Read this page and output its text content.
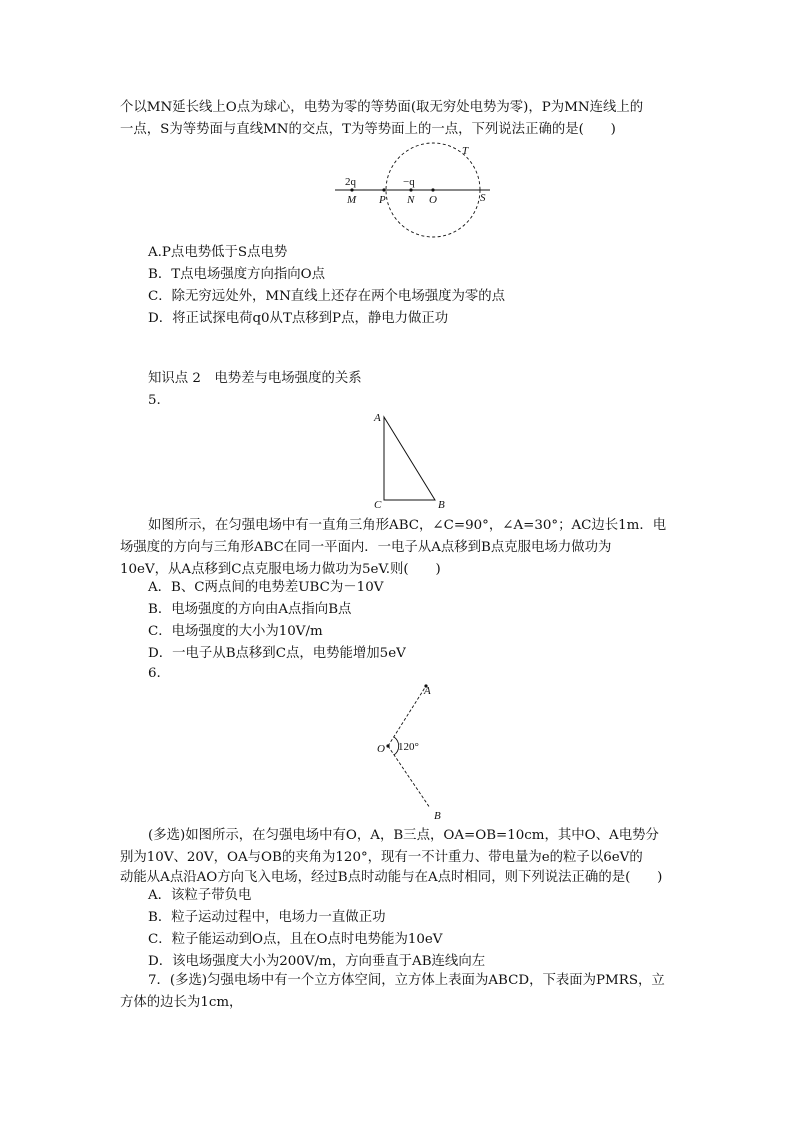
个以MN延长线上O点为球心，电势为零的等势面(取无穷处电势为零)，P为MN连线上的
一点，S为等势面与直线MN的交点，T为等势面上的一点，下列说法正确的是(　　)
2q	−q
M P N O	S
T
A.P点电势低于S点电势
B．T点电场强度方向指向O点
C．除无穷远处外，MN直线上还存在两个电场强度为零的点
D．将正试探电荷q0从T点移到P点，静电力做正功
知识点 2　电势差与电场强度的关系
5.
A
C	B
如图所示，在匀强电场中有一直角三角形ABC，∠C=90°，∠A=30°；AC边长1m．电
场强度的方向与三角形ABC在同一平面内．一电子从A点移到B点克服电场力做功为
10eV，从A点移到C点克服电场力做功为5eV.则(　　)
A．B、C两点间的电势差UBC为－10V
B．电场强度的方向由A点指向B点
C．电场强度的大小为10V/m
D．一电子从B点移到C点，电势能增加5eV
6.
A
O 120°
B
(多选)如图所示，在匀强电场中有O，A，B三点，OA=OB=10cm，其中O、A电势分
别为10V、20V，OA与OB的夹角为120°，现有一不计重力、带电量为e的粒子以6eV的
动能从A点沿AO方向飞入电场，经过B点时动能与在A点时相同，则下列说法正确的是(　　)
A．该粒子带负电
B．粒子运动过程中，电场力一直做正功
C．粒子能运动到O点，且在O点时电势能为10eV
D．该电场强度大小为200V/m，方向垂直于AB连线向左
7．(多选)匀强电场中有一个立方体空间，立方体上表面为ABCD，下表面为PMRS，立
方体的边长为1cm，
